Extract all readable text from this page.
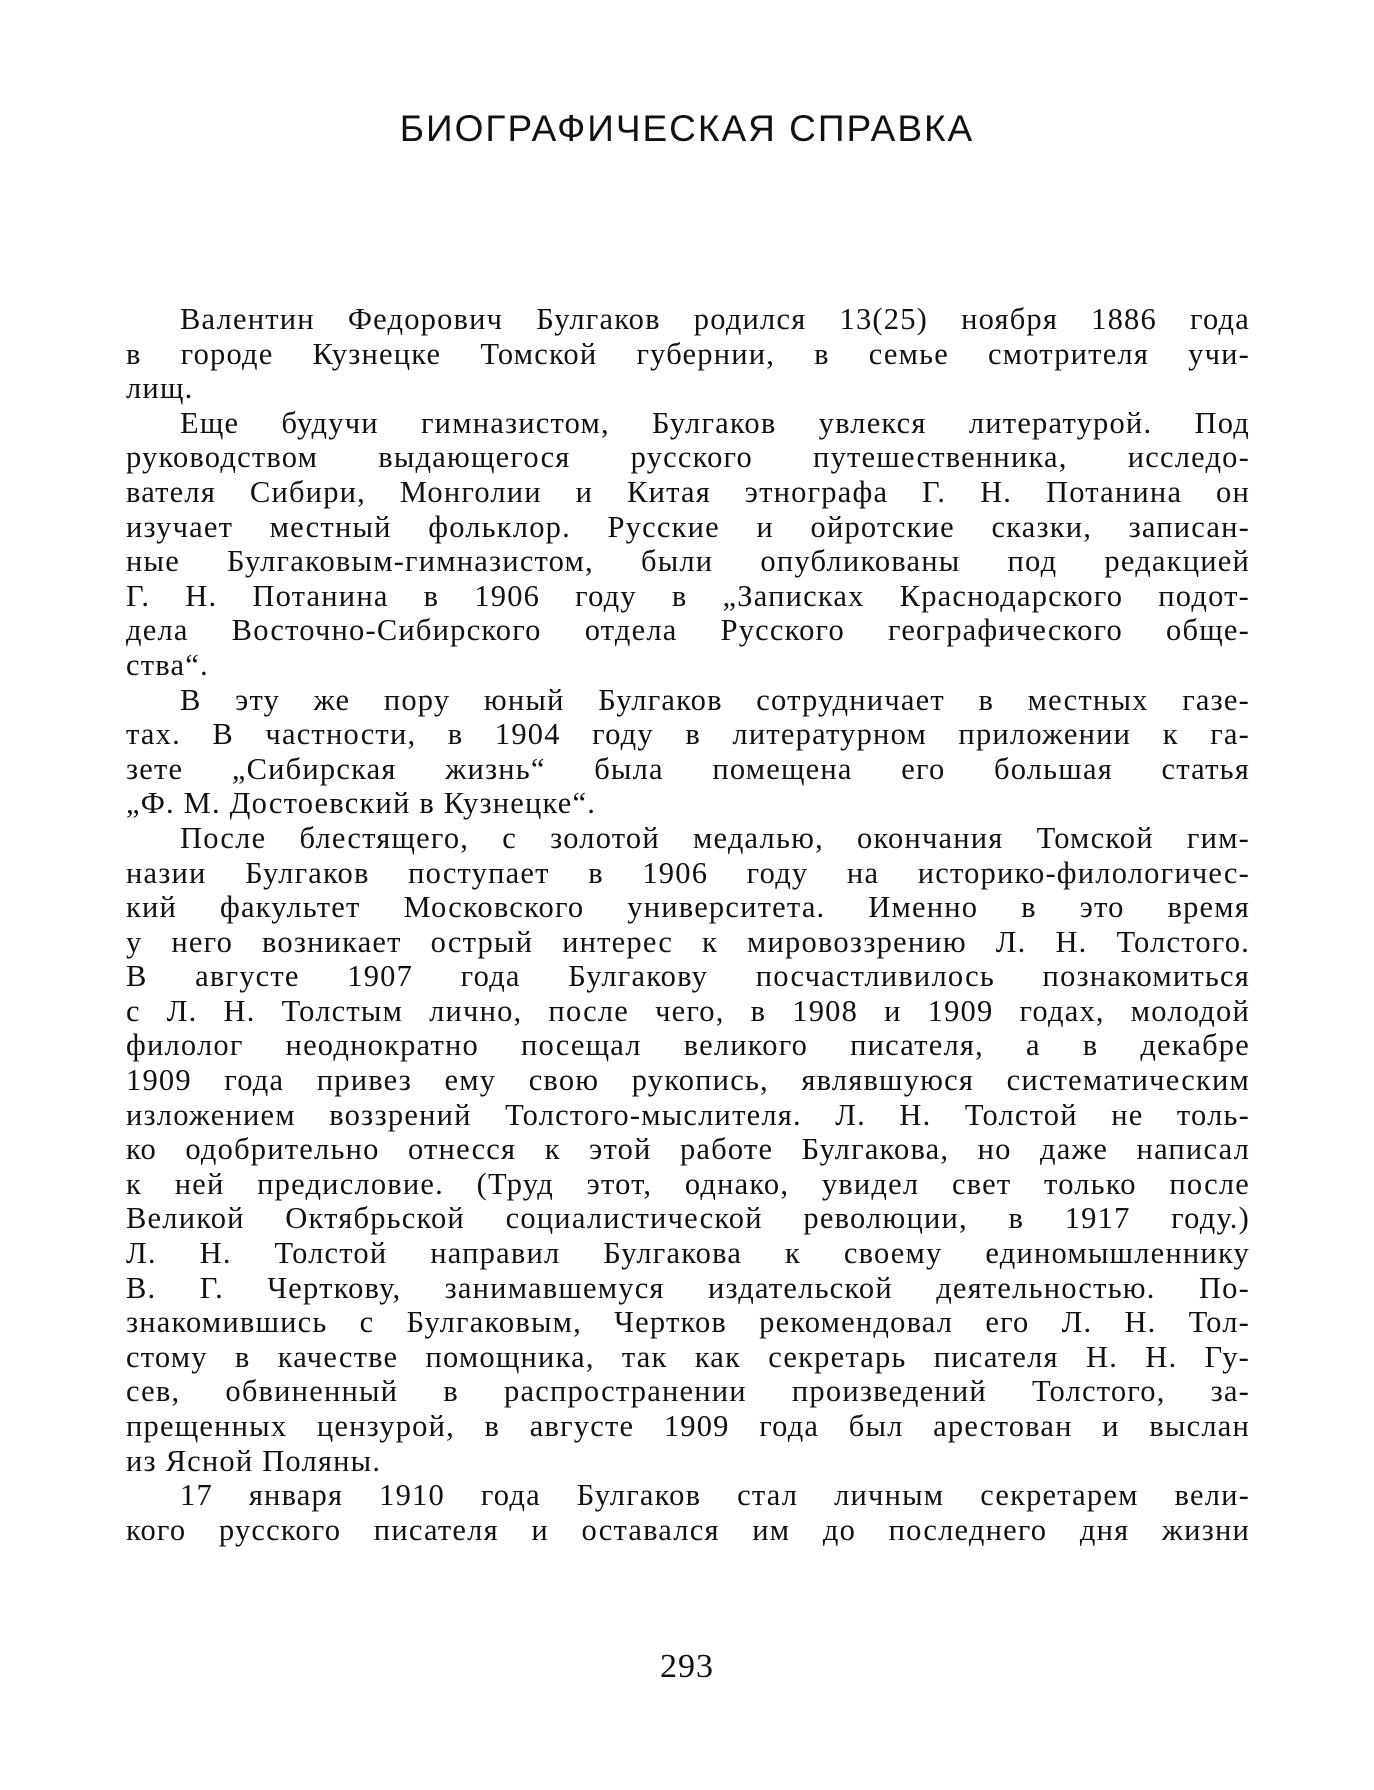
БИОГРАФИЧЕСКАЯ СПРАВКА
Валентин Федорович Булгаков родился 13(25) ноября 1886 года
в городе Кузнецке Томской губернии, в семье смотрителя учи-
лищ.
Еще будучи гимназистом, Булгаков увлекся литературой. Под
руководством выдающегося русского путешественника, исследо-
вателя Сибири, Монголии и Китая этнографа Г. Н. Потанина он
изучает местный фольклор. Русские и ойротские сказки, записан-
ные Булгаковым-гимназистом, были опубликованы под редакцией
Г. Н. Потанина в 1906 году в „Записках Краснодарского подот-
дела Восточно-Сибирского отдела Русского географического обще-
ства“.
В эту же пору юный Булгаков сотрудничает в местных газе-
тах. В частности, в 1904 году в литературном приложении к га-
зете „Сибирская жизнь“ была помещена его большая статья
„Ф. М. Достоевский в Кузнецке“.
После блестящего, с золотой медалью, окончания Томской гим-
назии Булгаков поступает в 1906 году на историко-филологичес-
кий факультет Московского университета. Именно в это время
у него возникает острый интерес к мировоззрению Л. Н. Толстого.
В августе 1907 года Булгакову посчастливилось познакомиться
с Л. Н. Толстым лично, после чего, в 1908 и 1909 годах, молодой
филолог неоднократно посещал великого писателя, а в декабре
1909 года привез ему свою рукопись, являвшуюся систематическим
изложением воззрений Толстого-мыслителя. Л. Н. Толстой не толь-
ко одобрительно отнесся к этой работе Булгакова, но даже написал
к ней предисловие. (Труд этот, однако, увидел свет только после
Великой Октябрьской социалистической революции, в 1917 году.)
Л. Н. Толстой направил Булгакова к своему единомышленнику
В. Г. Черткову, занимавшемуся издательской деятельностью. По-
знакомившись с Булгаковым, Чертков рекомендовал его Л. Н. Тол-
стому в качестве помощника, так как секретарь писателя Н. Н. Гу-
сев, обвиненный в распространении произведений Толстого, за-
прещенных цензурой, в августе 1909 года был арестован и выслан
из Ясной Поляны.
17 января 1910 года Булгаков стал личным секретарем вели-
кого русского писателя и оставался им до последнего дня жизни
293
